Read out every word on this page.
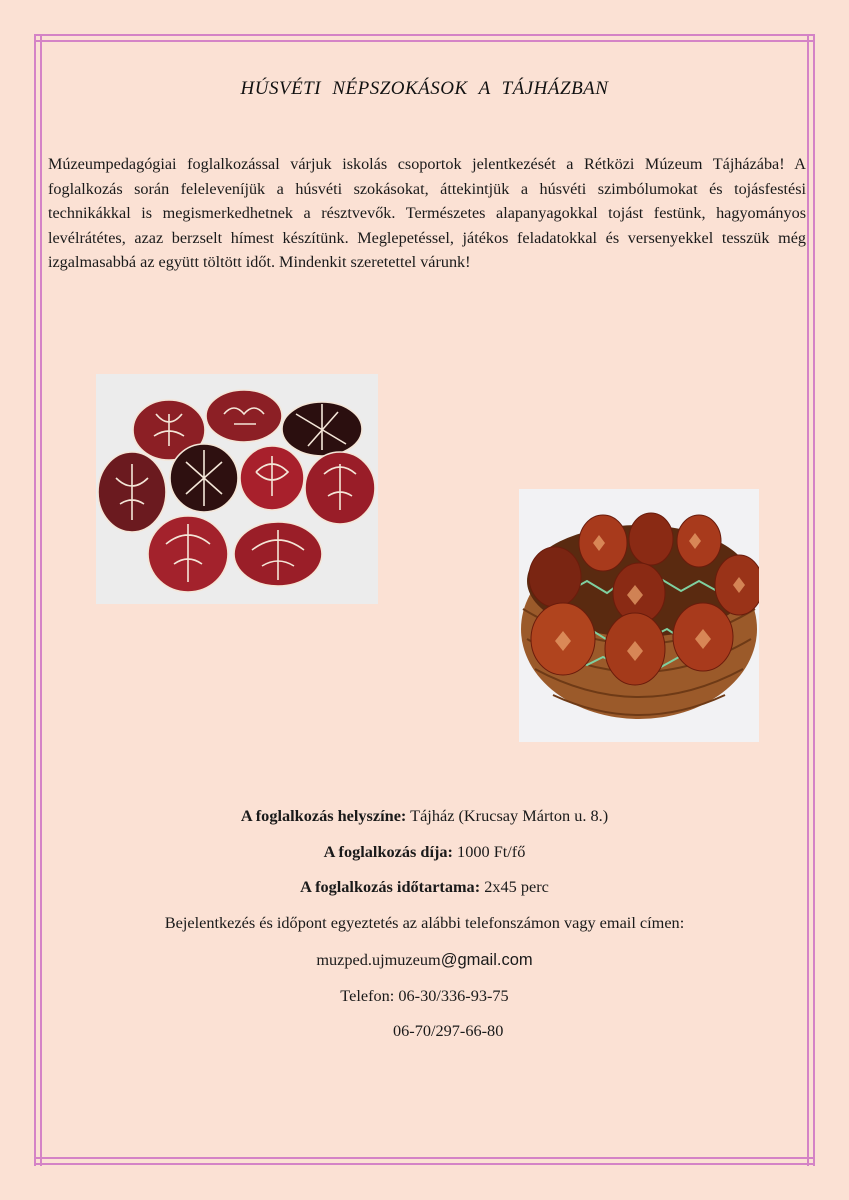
HÚSVÉTI NÉPSZOKÁSOK A TÁJHÁZBAN

Múzeumpedagógiai foglalkozással várjuk iskolás csoportok jelentkezését a Rétközi Múzeum Tájházába! A foglalkozás során feleleveníjük a húsvéti szokásokat, áttekintjük a húsvéti szimbólumokat és tojásfestési technikákkal is megismerkedhetnek a résztvevők. Természetes alapanyagokkal tojást festünk, hagyományos levélrátétes, azaz berzselt hímest készítünk. Meglepetéssel, játékos feladatokkal és versenyekkel tesszük még izgalmasabbá az együtt töltött időt. Mindenkit szeretettel várunk!

A foglalkozás helyszíne: Tájház (Krucsay Márton u. 8.)
A foglalkozás díja: 1000 Ft/fő
A foglalkozás időtartama: 2x45 perc
Bejelentkezés és időpont egyeztetés az alábbi telefonszámon vagy email címen:
muzped.ujmuzeum@gmail.com
Telefon: 06-30/336-93-75
06-70/297-66-80
